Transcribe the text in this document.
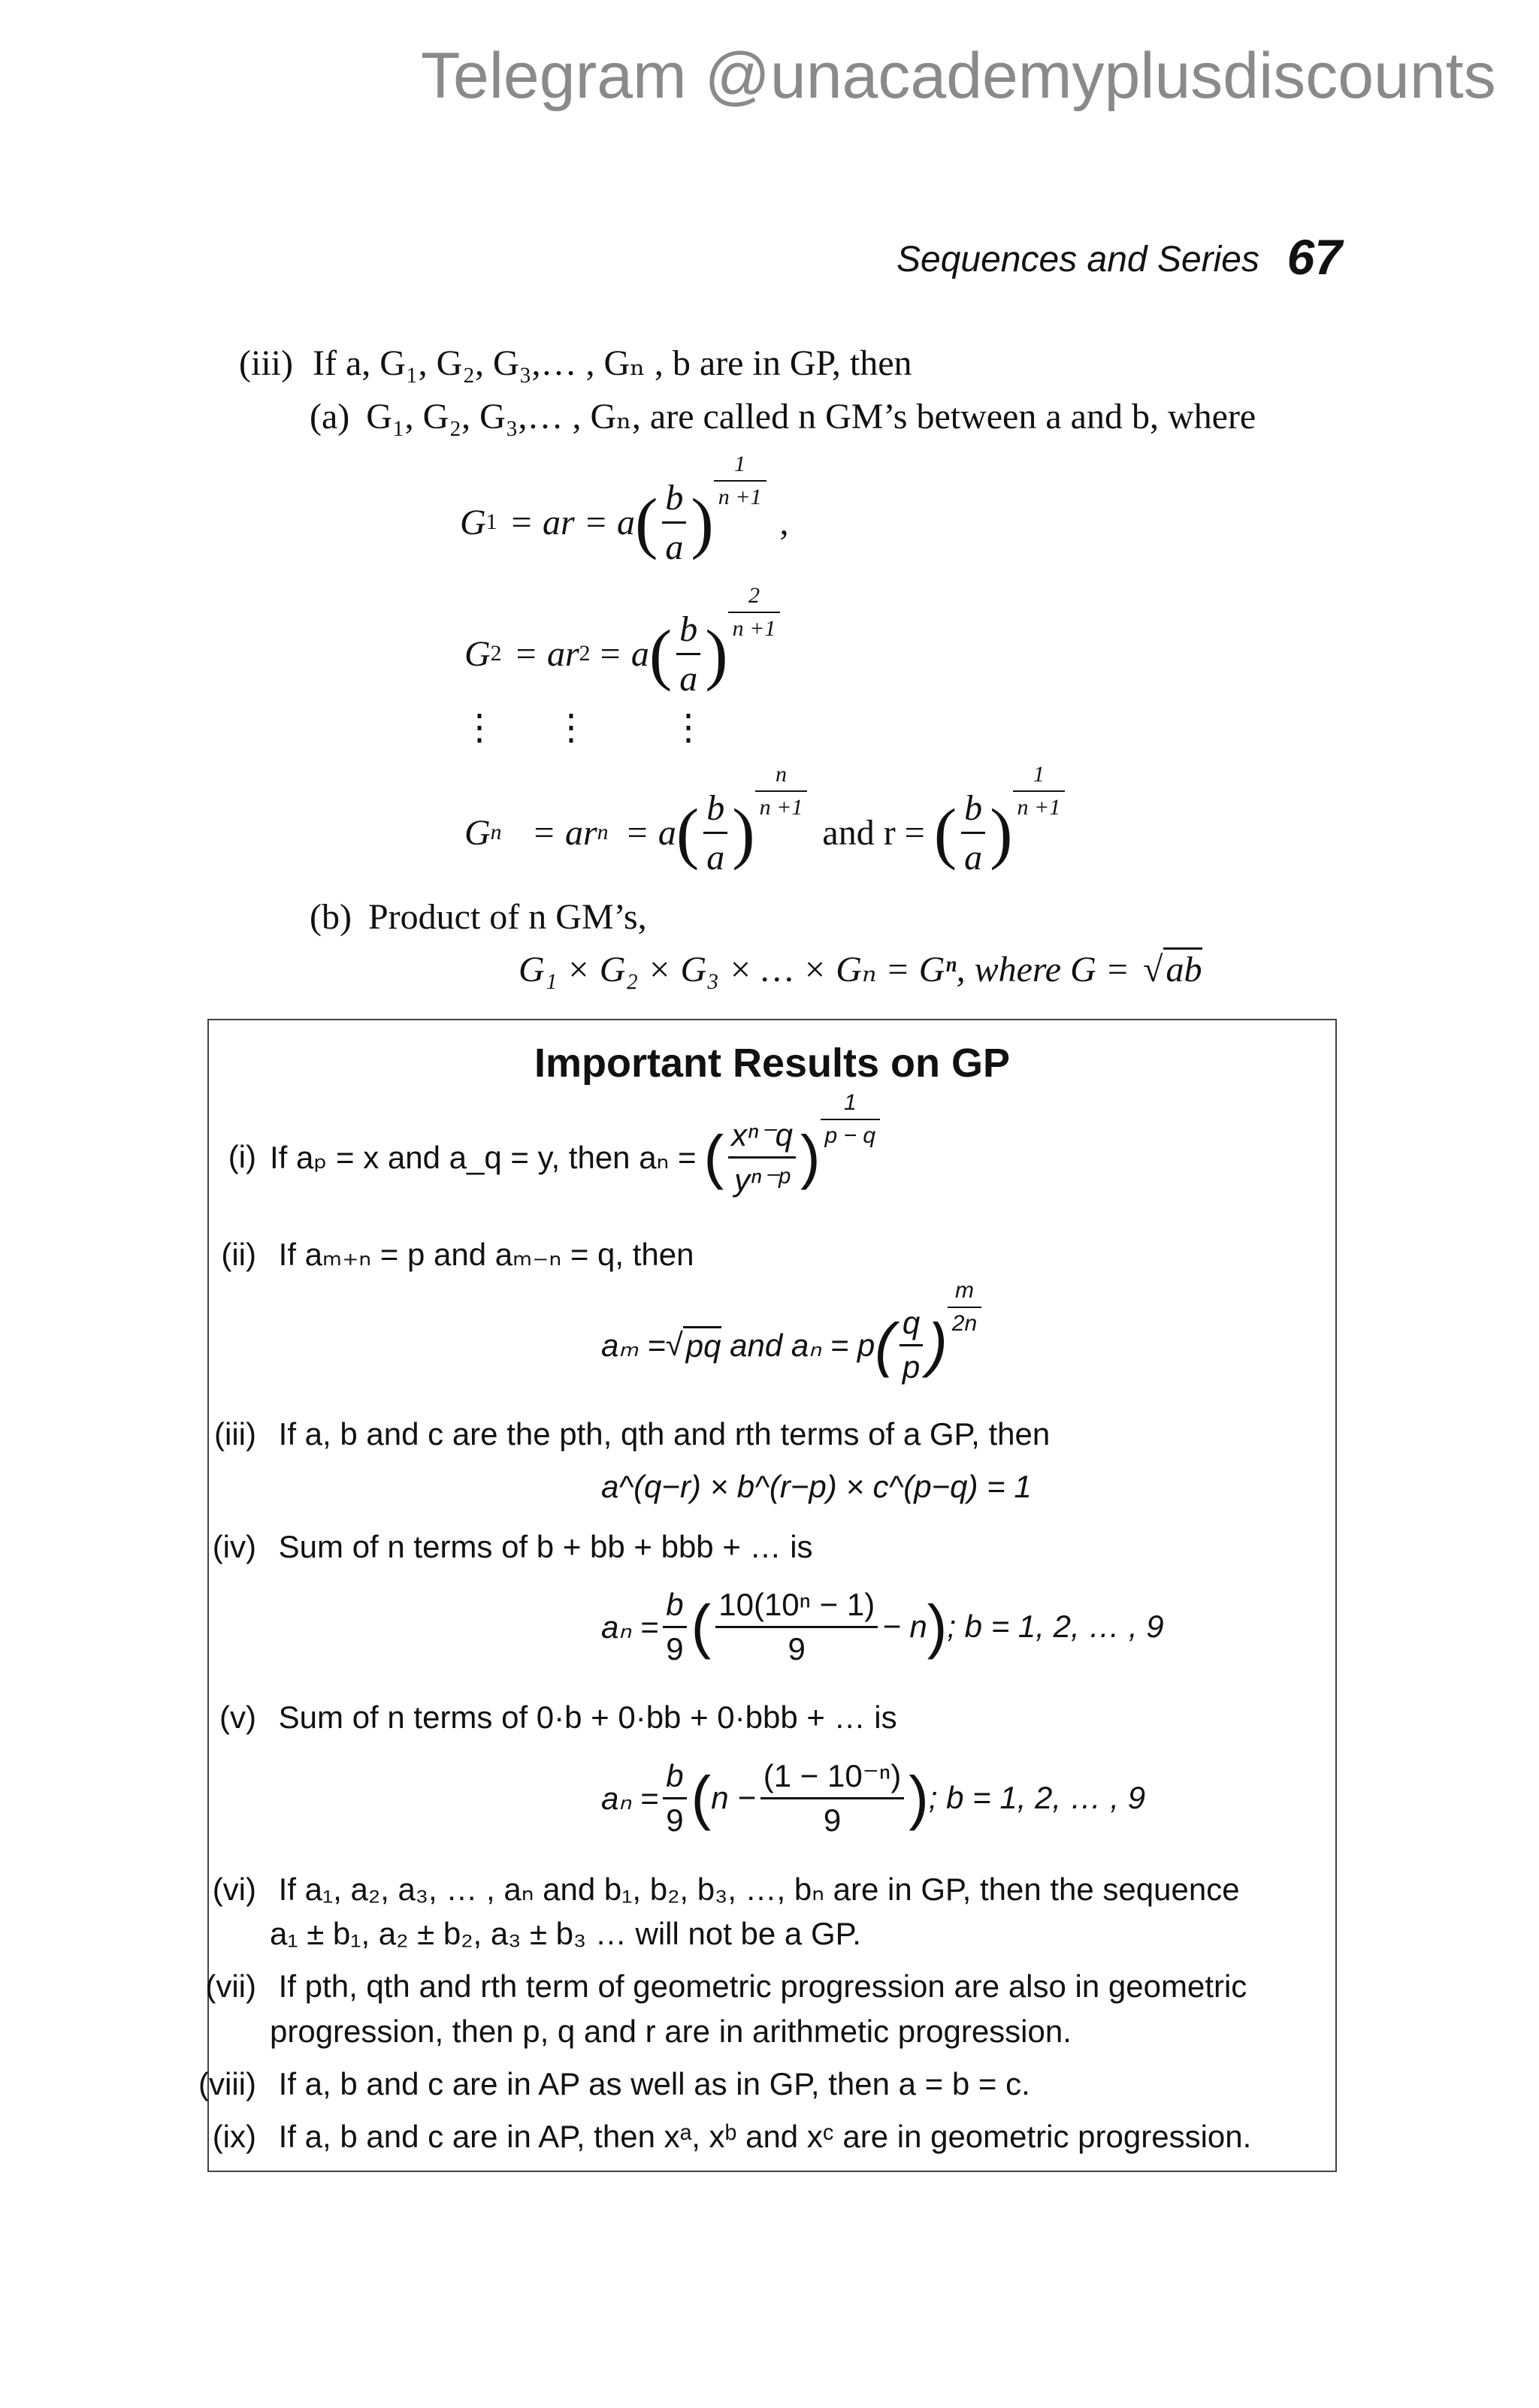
Telegram @unacademyplusdiscounts
Sequences and Series 67
(iii) If a, G₁, G₂, G₃,… , Gₙ , b are in GP, then
(a) G₁, G₂, G₃,… , Gₙ, are called n GM’s between a and b, where
G 1 = ar = a ( $\frac{b}{a}$ )
$\frac{1}{n +1}$
,
G 2 = ar 2 = a ( $\frac{b}{a}$ )
$\frac{2}{n +1}$
⋮ ⋮ ⋮
G n = ar n = a ( $\frac{b}{a}$ )
$\frac{n}{n +1}$
and r = ( $\frac{b}{a}$ )
$\frac{1}{n +1}$
(b) Product of n GM’s,
G₁ × G₂ × G₃ × … × Gₙ = Gⁿ, where G = √ab
Important Results on GP
(i) If aₚ = x and a_q = y, then aₙ = ( $\frac{\text{xⁿ⁻q}}{\text{yⁿ⁻ᵖ}}$ )
$\frac{1}{p - q}$
(ii) If aₘ₊ₙ = p and aₘ₋ₙ = q, then
aₘ = √ pq and aₙ = p ( $\frac{q}{p}$ )
$\frac{m}{2n}$
(iii) If a, b and c are the pth, qth and rth terms of a GP, then
a^(q−r) × b^(r−p) × c^(p−q) = 1
(iv) Sum of n terms of b + bb + bbb + … is
$a_n = \frac{b}{9}$ ( $\frac{\text{10(10ⁿ − 1)}}{9} - n$ ) ; b = 1, 2, … , 9
(v) Sum of n terms of 0·b + 0·bb + 0·bbb + … is
$a_n = \frac{b}{9}$ ( $n - \frac{\text{(1 − 10⁻ⁿ)}}{9}$ ) ; b = 1, 2, … , 9
(vi) If a₁, a₂, a₃, … , aₙ and b₁, b₂, b₃, …, bₙ are in GP, then the sequence
a₁ ± b₁, a₂ ± b₂, a₃ ± b₃ … will not be a GP.
(vii) If pth, qth and rth term of geometric progression are also in geometric
progression, then p, q and r are in arithmetic progression.
(viii) If a, b and c are in AP as well as in GP, then a = b = c.
(ix) If a, b and c are in AP, then xᵃ, xᵇ and xᶜ are in geometric progression.
